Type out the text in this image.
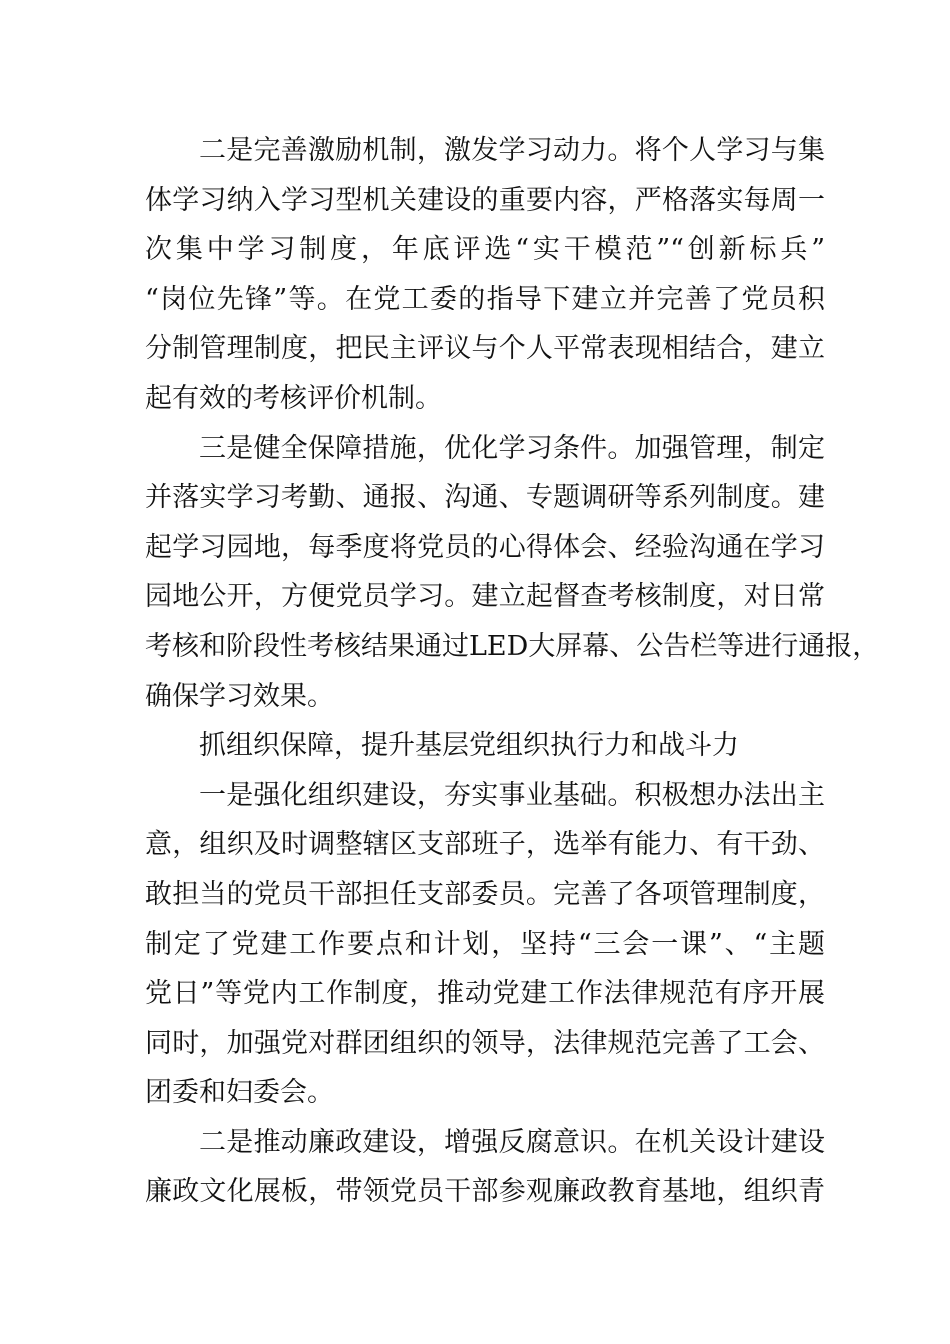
二是完善激励机制，激发学习动力。将个人学习与集
体学习纳入学习型机关建设的重要内容，严格落实每周一
次集中学习制度，年底评选“实干模范”“创新标兵”
“岗位先锋”等。在党工委的指导下建立并完善了党员积
分制管理制度，把民主评议与个人平常表现相结合，建立
起有效的考核评价机制。
三是健全保障措施，优化学习条件。加强管理，制定
并落实学习考勤、通报、沟通、专题调研等系列制度。建
起学习园地，每季度将党员的心得体会、经验沟通在学习
园地公开，方便党员学习。建立起督查考核制度，对日常
考核和阶段性考核结果通过LED大屏幕、公告栏等进行通报，
确保学习效果。
抓组织保障，提升基层党组织执行力和战斗力
一是强化组织建设，夯实事业基础。积极想办法出主
意，组织及时调整辖区支部班子，选举有能力、有干劲、
敢担当的党员干部担任支部委员。完善了各项管理制度，
制定了党建工作要点和计划，坚持“三会一课”、“主题
党日”等党内工作制度，推动党建工作法律规范有序开展
同时，加强党对群团组织的领导，法律规范完善了工会、
团委和妇委会。
二是推动廉政建设，增强反腐意识。在机关设计建设
廉政文化展板，带领党员干部参观廉政教育基地，组织青
